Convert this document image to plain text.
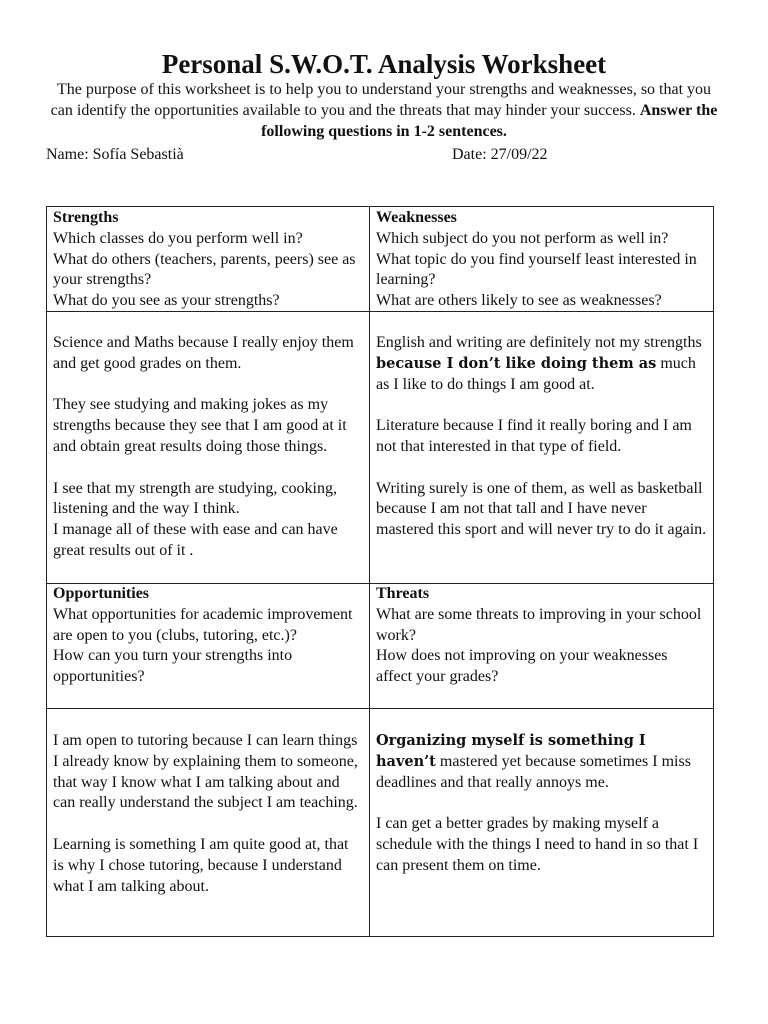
Personal S.W.O.T. Analysis Worksheet
The purpose of this worksheet is to help you to understand your strengths and weaknesses, so that you can identify the opportunities available to you and the threats that may hinder your success. Answer the following questions in 1-2 sentences.
Name: Sofía Sebastià	Date: 27/09/22

Strengths

Which classes do you perform well in?

What do others (teachers, parents, peers) see as your strengths?

What do you see as your strengths?

Weaknesses

Which subject do you not perform as well in?

What topic do you find yourself least interested in learning?

What are others likely to see as weaknesses?

Science and Maths because I really enjoy them and get good grades on them.

They see studying and making jokes as my strengths because they see that I am good at it and obtain great results doing those things.

I see that my strength are studying, cooking, listening and the way I think.

I manage all of these with ease and can have great results out of it .

English and writing are definitely not my strengths because I don’t like doing them as much as I like to do things I am good at.

Literature because I find it really boring and I am not that interested in that type of field.

Writing surely is one of them, as well as basketball because I am not that tall and I have never mastered this sport and will never try to do it again.

Opportunities

What opportunities for academic improvement are open to you (clubs, tutoring, etc.)?

How can you turn your strengths into opportunities?

Threats

What are some threats to improving in your school work?

How does not improving on your weaknesses affect your grades?

I am open to tutoring because I can learn things I already know by explaining them to someone, that way I know what I am talking about and can really understand the subject I am teaching.

Learning is something I am quite good at, that is why I chose tutoring, because I understand what I am talking about.

Organizing myself is something I haven’t mastered yet because sometimes I miss deadlines and that really annoys me.

I can get a better grades by making myself a schedule with the things I need to hand in so that I can present them on time.
